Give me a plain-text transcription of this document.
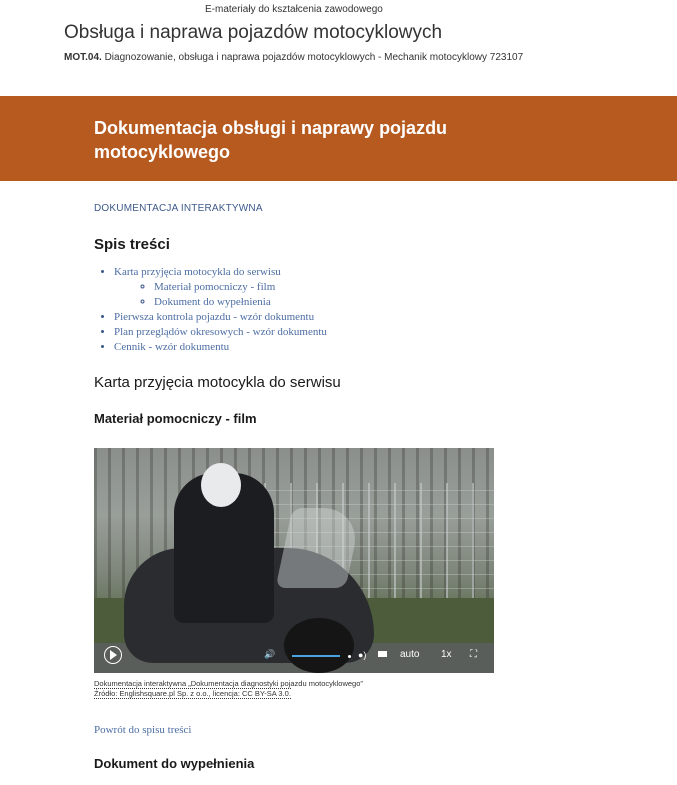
E-materiały do kształcenia zawodowego
Obsługa i naprawa pojazdów motocyklowych
MOT.04. Diagnozowanie, obsługa i naprawa pojazdów motocyklowych - Mechanik motocyklowy 723107
Dokumentacja obsługi i naprawy pojazdu motocyklowego
DOKUMENTACJA INTERAKTYWNA
Spis treści
• Karta przyjęcia motocykla do serwisu
◦ Materiał pomocniczy - film
◦ Dokument do wypełnienia
• Pierwsza kontrola pojazdu - wzór dokumentu
• Plan przeglądów okresowych - wzór dokumentu
• Cennik - wzór dokumentu
Karta przyjęcia motocykla do serwisu
Materiał pomocniczy - film
🔊	●)	auto 1x ⛶
Dokumentacja interaktywna „Dokumentacja diagnostyki pojazdu motocyklowego”
Źródło: Englishsquare.pl Sp. z o.o., licencja: CC BY-SA 3.0.
Powrót do spisu treści
Dokument do wypełnienia
